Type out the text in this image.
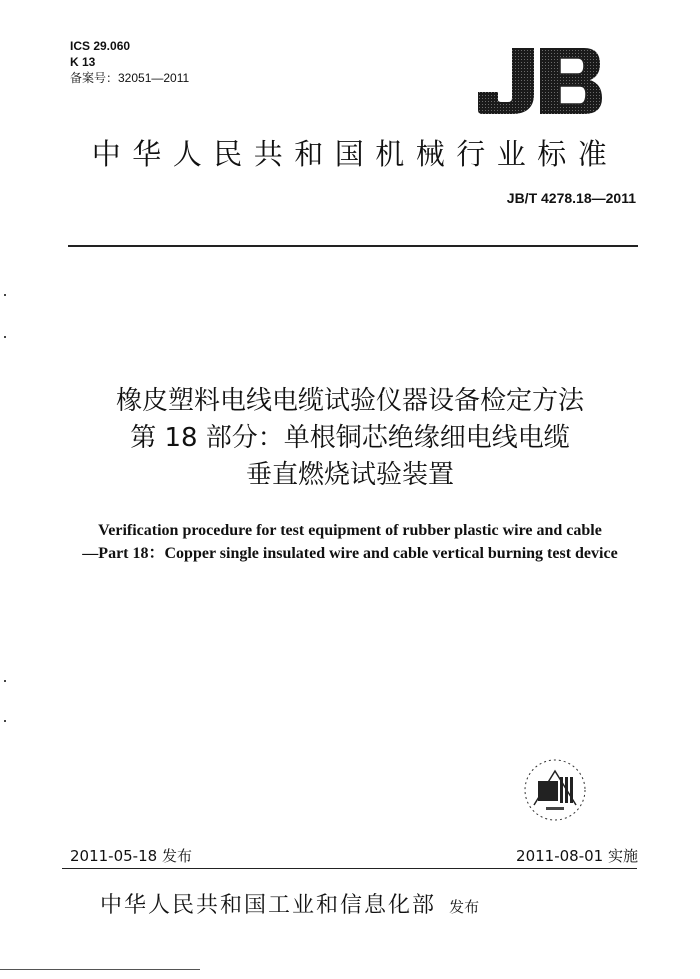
ICS 29.060
K 13
备案号：32051—2011
中华人民共和国机械行业标准
JB/T 4278.18—2011
橡皮塑料电线电缆试验仪器设备检定方法
第 18 部分：单根铜芯绝缘细电线电缆
垂直燃烧试验装置
Verification procedure for test equipment of rubber plastic wire and cable
—Part 18：Copper single insulated wire and cable vertical burning test device
2011-05-18 发布	2011-08-01 实施
中华人民共和国工业和信息化部 发布
